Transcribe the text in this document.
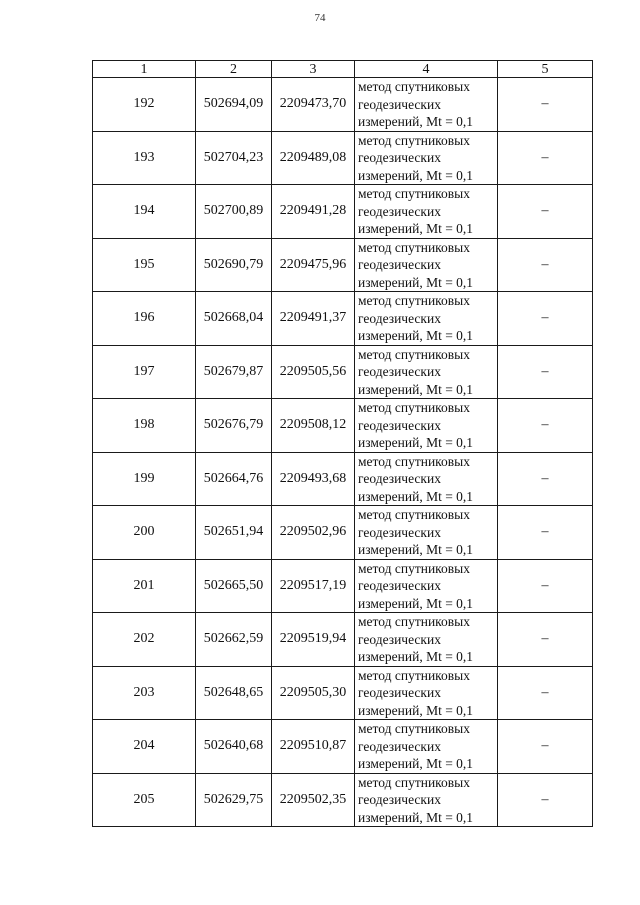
74
1	2	3	4	5
192	502694,09	2209473,70	метод спутниковых
геодезических
измерений, Mt = 0,1	–
193	502704,23	2209489,08	метод спутниковых
геодезических
измерений, Mt = 0,1	–
194	502700,89	2209491,28	метод спутниковых
геодезических
измерений, Mt = 0,1	–
195	502690,79	2209475,96	метод спутниковых
геодезических
измерений, Mt = 0,1	–
196	502668,04	2209491,37	метод спутниковых
геодезических
измерений, Mt = 0,1	–
197	502679,87	2209505,56	метод спутниковых
геодезических
измерений, Mt = 0,1	–
198	502676,79	2209508,12	метод спутниковых
геодезических
измерений, Mt = 0,1	–
199	502664,76	2209493,68	метод спутниковых
геодезических
измерений, Mt = 0,1	–
200	502651,94	2209502,96	метод спутниковых
геодезических
измерений, Mt = 0,1	–
201	502665,50	2209517,19	метод спутниковых
геодезических
измерений, Mt = 0,1	–
202	502662,59	2209519,94	метод спутниковых
геодезических
измерений, Mt = 0,1	–
203	502648,65	2209505,30	метод спутниковых
геодезических
измерений, Mt = 0,1	–
204	502640,68	2209510,87	метод спутниковых
геодезических
измерений, Mt = 0,1	–
205	502629,75	2209502,35	метод спутниковых
геодезических
измерений, Mt = 0,1	–
